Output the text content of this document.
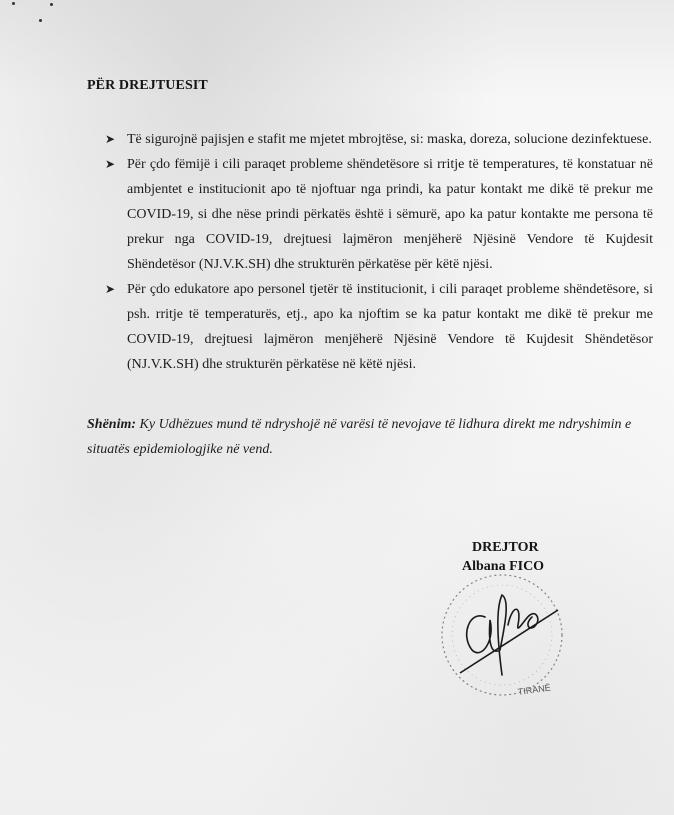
PËR DREJTUESIT
➤ Të sigurojnë pajisjen e stafit me mjetet mbrojtëse, si: maska, doreza, solucione dezinfektuese.
➤ Për çdo fëmijë i cili paraqet probleme shëndetësore si rritje të temperatures, të konstatuar në ambjentet e institucionit apo të njoftuar nga prindi, ka patur kontakt me dikë të prekur me COVID-19, si dhe nëse prindi përkatës është i sëmurë, apo ka patur kontakte me persona të prekur nga COVID-19, drejtuesi lajmëron menjëherë Njësinë Vendore të Kujdesit Shëndetësor (NJ.V.K.SH) dhe strukturën përkatëse për këtë njësi.
➤ Për çdo edukatore apo personel tjetër të institucionit, i cili paraqet probleme shëndetësore, si psh. rritje të temperaturës, etj., apo ka njoftim se ka patur kontakt me dikë të prekur me COVID-19, drejtuesi lajmëron menjëherë Njësinë Vendore të Kujdesit Shëndetësor (NJ.V.K.SH) dhe strukturën përkatëse në këtë njësi.
Shënim: Ky Udhëzues mund të ndryshojë në varësi të nevojave të lidhura direkt me ndryshimin e situatës epidemiologjike në vend.
DREJTOR
Albana FICO
TIRANË
